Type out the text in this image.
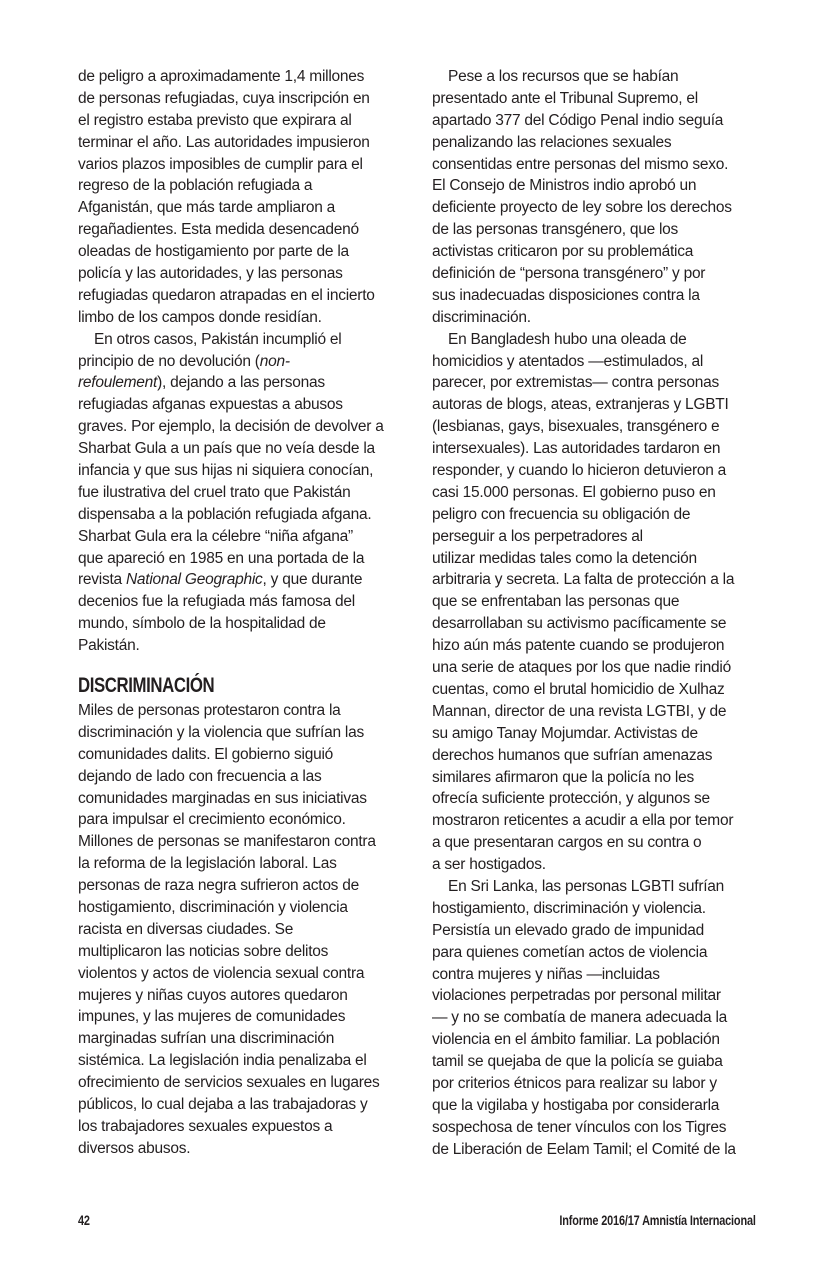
de peligro a aproximadamente 1,4 millones
de personas refugiadas, cuya inscripción en
el registro estaba previsto que expirara al
terminar el año. Las autoridades impusieron
varios plazos imposibles de cumplir para el
regreso de la población refugiada a
Afganistán, que más tarde ampliaron a
regañadientes. Esta medida desencadenó
oleadas de hostigamiento por parte de la
policía y las autoridades, y las personas
refugiadas quedaron atrapadas en el incierto
limbo de los campos donde residían.
En otros casos, Pakistán incumplió el
principio de no devolución (non-
refoulement), dejando a las personas
refugiadas afganas expuestas a abusos
graves. Por ejemplo, la decisión de devolver a
Sharbat Gula a un país que no veía desde la
infancia y que sus hijas ni siquiera conocían,
fue ilustrativa del cruel trato que Pakistán
dispensaba a la población refugiada afgana.
Sharbat Gula era la célebre “niña afgana”
que apareció en 1985 en una portada de la
revista National Geographic, y que durante
decenios fue la refugiada más famosa del
mundo, símbolo de la hospitalidad de
Pakistán.
DISCRIMINACIÓN
Miles de personas protestaron contra la
discriminación y la violencia que sufrían las
comunidades dalits. El gobierno siguió
dejando de lado con frecuencia a las
comunidades marginadas en sus iniciativas
para impulsar el crecimiento económico.
Millones de personas se manifestaron contra
la reforma de la legislación laboral. Las
personas de raza negra sufrieron actos de
hostigamiento, discriminación y violencia
racista en diversas ciudades. Se
multiplicaron las noticias sobre delitos
violentos y actos de violencia sexual contra
mujeres y niñas cuyos autores quedaron
impunes, y las mujeres de comunidades
marginadas sufrían una discriminación
sistémica. La legislación india penalizaba el
ofrecimiento de servicios sexuales en lugares
públicos, lo cual dejaba a las trabajadoras y
los trabajadores sexuales expuestos a
diversos abusos.
Pese a los recursos que se habían
presentado ante el Tribunal Supremo, el
apartado 377 del Código Penal indio seguía
penalizando las relaciones sexuales
consentidas entre personas del mismo sexo.
El Consejo de Ministros indio aprobó un
deficiente proyecto de ley sobre los derechos
de las personas transgénero, que los
activistas criticaron por su problemática
definición de “persona transgénero” y por
sus inadecuadas disposiciones contra la
discriminación.
En Bangladesh hubo una oleada de
homicidios y atentados —estimulados, al
parecer, por extremistas— contra personas
autoras de blogs, ateas, extranjeras y LGBTI
(lesbianas, gays, bisexuales, transgénero e
intersexuales). Las autoridades tardaron en
responder, y cuando lo hicieron detuvieron a
casi 15.000 personas. El gobierno puso en
peligro con frecuencia su obligación de
perseguir a los perpetradores al
utilizar medidas tales como la detención
arbitraria y secreta. La falta de protección a la
que se enfrentaban las personas que
desarrollaban su activismo pacíficamente se
hizo aún más patente cuando se produjeron
una serie de ataques por los que nadie rindió
cuentas, como el brutal homicidio de Xulhaz
Mannan, director de una revista LGTBI, y de
su amigo Tanay Mojumdar. Activistas de
derechos humanos que sufrían amenazas
similares afirmaron que la policía no les
ofrecía suficiente protección, y algunos se
mostraron reticentes a acudir a ella por temor
a que presentaran cargos en su contra o
a ser hostigados.
En Sri Lanka, las personas LGBTI sufrían
hostigamiento, discriminación y violencia.
Persistía un elevado grado de impunidad
para quienes cometían actos de violencia
contra mujeres y niñas —incluidas
violaciones perpetradas por personal militar
— y no se combatía de manera adecuada la
violencia en el ámbito familiar. La población
tamil se quejaba de que la policía se guiaba
por criterios étnicos para realizar su labor y
que la vigilaba y hostigaba por considerarla
sospechosa de tener vínculos con los Tigres
de Liberación de Eelam Tamil; el Comité de la
42	Informe 2016/17 Amnistía Internacional
